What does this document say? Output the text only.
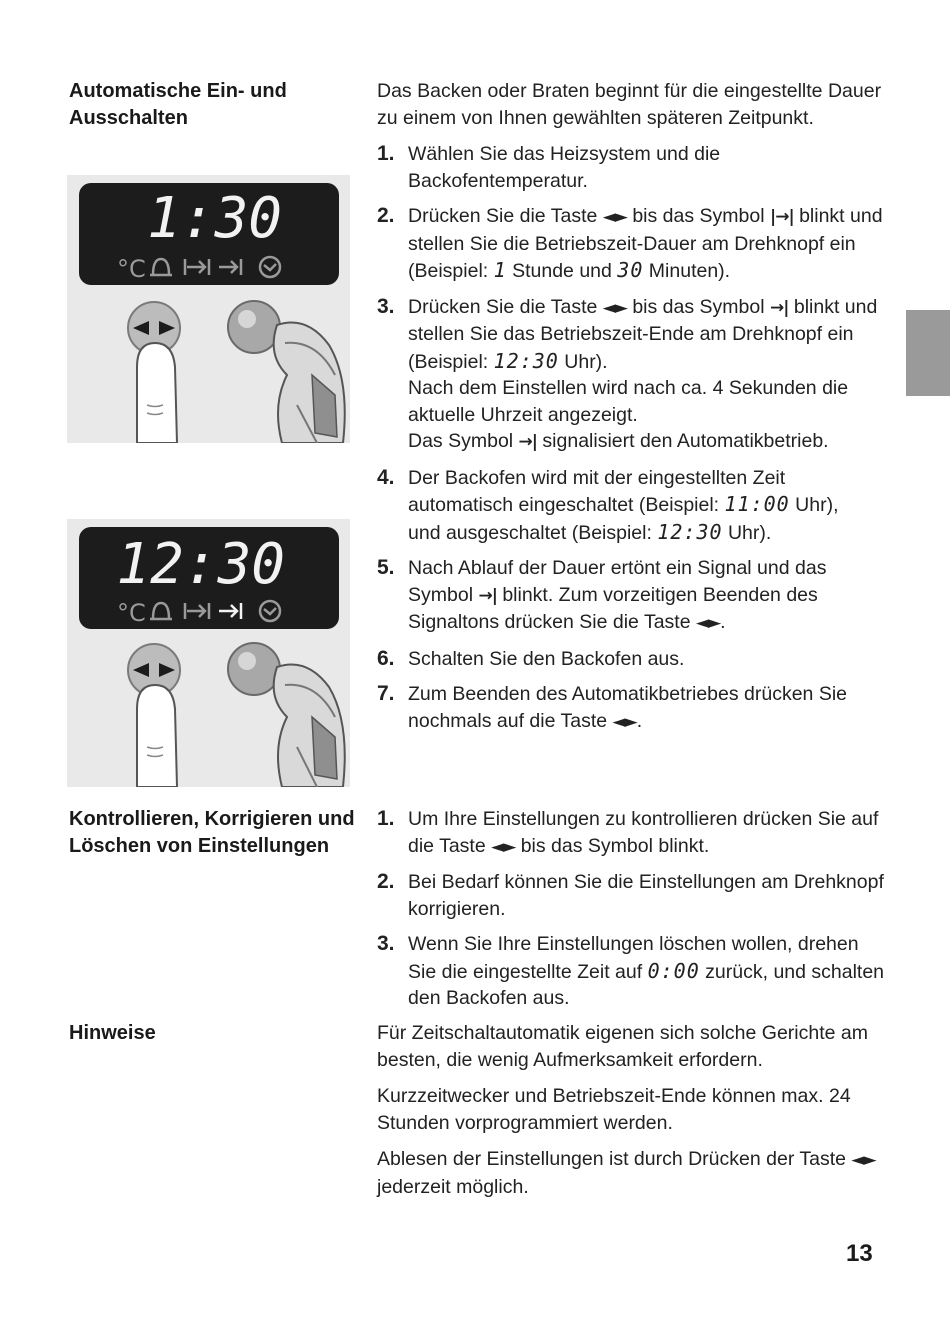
Automatische Ein- und
Ausschalten
1:30
°C
12:30
°C

Das Backen oder Braten beginnt für die eingestellte Dauer zu einem von Ihnen gewählten späteren Zeitpunkt.

1. Wählen Sie das Heizsystem und die Backofentemperatur.
2. Drücken Sie die Taste ◄► bis das Symbol |→| blinkt und stellen Sie die Betriebszeit-Dauer am Drehknopf ein
(Beispiel: 1 Stunde und 30 Minuten).
3. Drücken Sie die Taste ◄► bis das Symbol →| blinkt und stellen Sie das Betriebszeit-Ende am Drehknopf ein (Beispiel: 12:30 Uhr).
Nach dem Einstellen wird nach ca. 4 Sekunden die aktuelle Uhrzeit angezeigt.
Das Symbol →| signalisiert den Automatikbetrieb.
4. Der Backofen wird mit der eingestellten Zeit automatisch eingeschaltet (Beispiel: 11:00 Uhr),
und ausgeschaltet (Beispiel: 12:30 Uhr).
5. Nach Ablauf der Dauer ertönt ein Signal und das Symbol →| blinkt. Zum vorzeitigen Beenden des Signaltons drücken Sie die Taste ◄►.
6. Schalten Sie den Backofen aus.
7. Zum Beenden des Automatikbetriebes drücken Sie nochmals auf die Taste ◄►.
Kontrollieren, Korrigieren und
Löschen von Einstellungen
1. Um Ihre Einstellungen zu kontrollieren drücken Sie auf die Taste ◄► bis das Symbol blinkt.
2. Bei Bedarf können Sie die Einstellungen am Drehknopf korrigieren.
3. Wenn Sie Ihre Einstellungen löschen wollen, drehen Sie die eingestellte Zeit auf 0:00 zurück, und schalten den Backofen aus.
Hinweise	Für Zeitschaltautomatik eigenen sich solche Gerichte am besten, die wenig Aufmerksamkeit erfordern.

Kurzzeitwecker und Betriebszeit-Ende können max. 24 Stunden vorprogrammiert werden.

Ablesen der Einstellungen ist durch Drücken der Taste ◄► jederzeit möglich.

13
